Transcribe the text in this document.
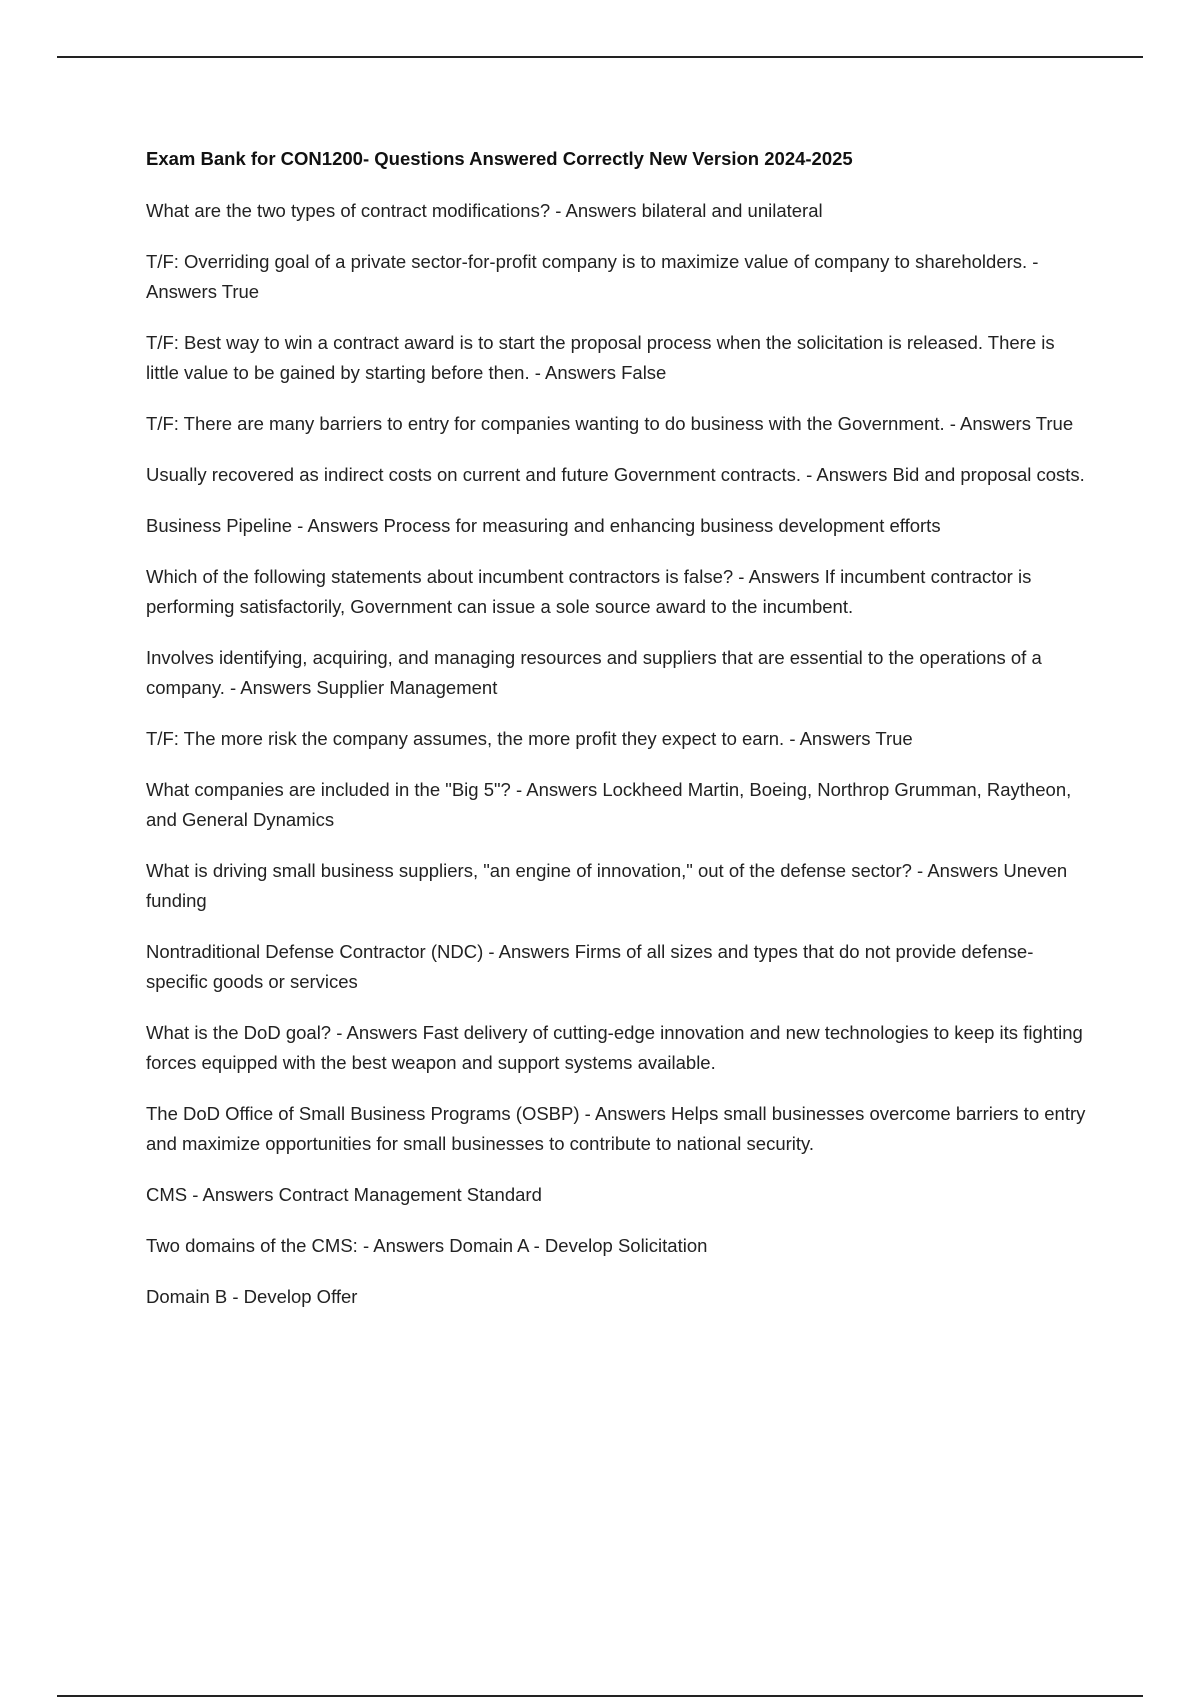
Exam Bank for CON1200- Questions Answered Correctly New Version 2024-2025
What are the two types of contract modifications? - Answers bilateral and unilateral
T/F: Overriding goal of a private sector-for-profit company is to maximize value of company to shareholders. - Answers True
T/F: Best way to win a contract award is to start the proposal process when the solicitation is released. There is little value to be gained by starting before then. - Answers False
T/F: There are many barriers to entry for companies wanting to do business with the Government. - Answers True
Usually recovered as indirect costs on current and future Government contracts. - Answers Bid and proposal costs.
Business Pipeline - Answers Process for measuring and enhancing business development efforts
Which of the following statements about incumbent contractors is false? - Answers If incumbent contractor is performing satisfactorily, Government can issue a sole source award to the incumbent.
Involves identifying, acquiring, and managing resources and suppliers that are essential to the operations of a company. - Answers Supplier Management
T/F: The more risk the company assumes, the more profit they expect to earn. - Answers True
What companies are included in the "Big 5"? - Answers Lockheed Martin, Boeing, Northrop Grumman, Raytheon, and General Dynamics
What is driving small business suppliers, "an engine of innovation," out of the defense sector? - Answers Uneven funding
Nontraditional Defense Contractor (NDC) - Answers Firms of all sizes and types that do not provide defense-specific goods or services
What is the DoD goal? - Answers Fast delivery of cutting-edge innovation and new technologies to keep its fighting forces equipped with the best weapon and support systems available.
The DoD Office of Small Business Programs (OSBP) - Answers Helps small businesses overcome barriers to entry and maximize opportunities for small businesses to contribute to national security.
CMS - Answers Contract Management Standard
Two domains of the CMS: - Answers Domain A - Develop Solicitation
Domain B - Develop Offer
